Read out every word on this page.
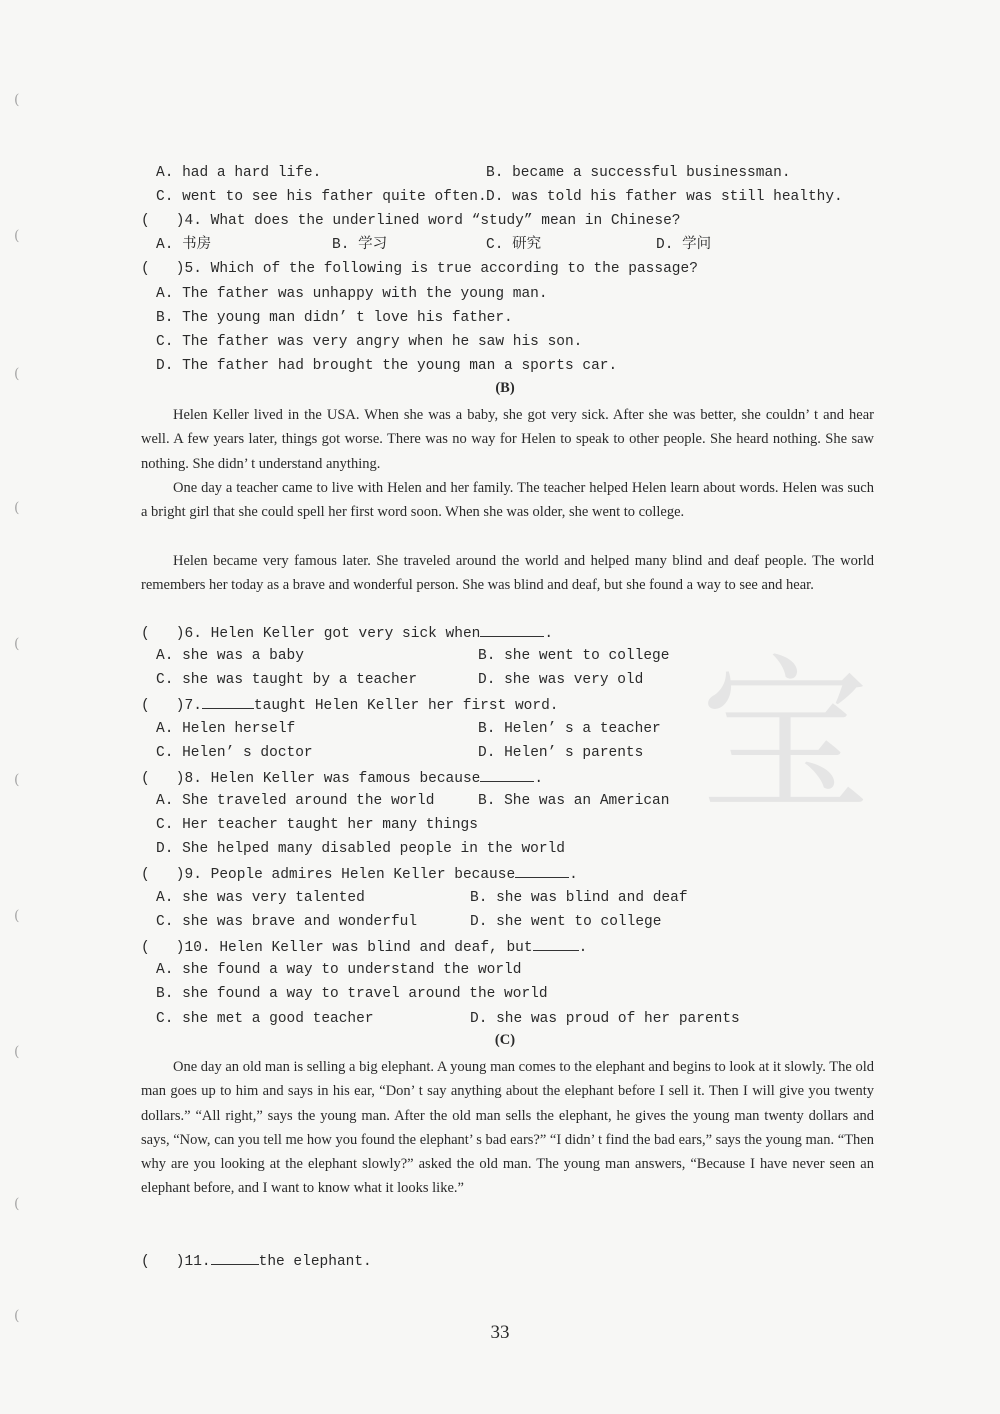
(
(
(
(
(
(
(
(
(
(
宝
A. had a hard life.	B. became a successful businessman.
C. went to see his father quite often. D. was told his father was still healthy.
(   )4. What does the underlined word “study” mean in Chinese?
A. 书房	B. 学习	C. 研究	D. 学问
(   )5. Which of the following is true according to the passage?
A. The father was unhappy with the young man.
B. The young man didn’ t love his father.
C. The father was very angry when he saw his son.
D. The father had brought the young man a sports car.
(B)
Helen Keller lived in the USA. When she was a baby, she got very sick. After she was better, she couldn’ t and hear well. A few years later, things got worse. There was no way for Helen to speak to other people. She heard nothing. She saw nothing. She didn’ t understand anything.
One day a teacher came to live with Helen and her family. The teacher helped Helen learn about words. Helen was such a bright girl that she could spell her first word soon. When she was older, she went to college.
Helen became very famous later. She traveled around the world and helped many blind and deaf people. The world remembers her today as a brave and wonderful person. She was blind and deaf, but she found a way to see and hear.
(   )6. Helen Keller got very sick when	.
A. she was a baby	B. she went to college
C. she was taught by a teacher	D. she was very old
(   )7.	taught Helen Keller her first word.
A. Helen herself	B. Helen’ s a teacher
C. Helen’ s doctor	D. Helen’ s parents
(   )8. Helen Keller was famous because	.
A. She traveled around the world	B. She was an American
C. Her teacher taught her many things
D. She helped many disabled people in the world
(   )9. People admires Helen Keller because	.
A. she was very talented	B. she was blind and deaf
C. she was brave and wonderful	D. she went to college
(   )10. Helen Keller was blind and deaf, but	.
A. she found a way to understand the world
B. she found a way to travel around the world
C. she met a good teacher	D. she was proud of her parents
(C)
One day an old man is selling a big elephant. A young man comes to the elephant and begins to look at it slowly. The old man goes up to him and says in his ear, “Don’ t say anything about the elephant before I sell it. Then I will give you twenty dollars.” “All right,” says the young man. After the old man sells the elephant, he gives the young man twenty dollars and says, “Now, can you tell me how you found the elephant’ s bad ears?” “I didn’ t find the bad ears,” says the young man. “Then why are you looking at the elephant slowly?” asked the old man. The young man answers, “Because I have never seen an elephant before, and I want to know what it looks like.”
(   )11.	the elephant.
33
